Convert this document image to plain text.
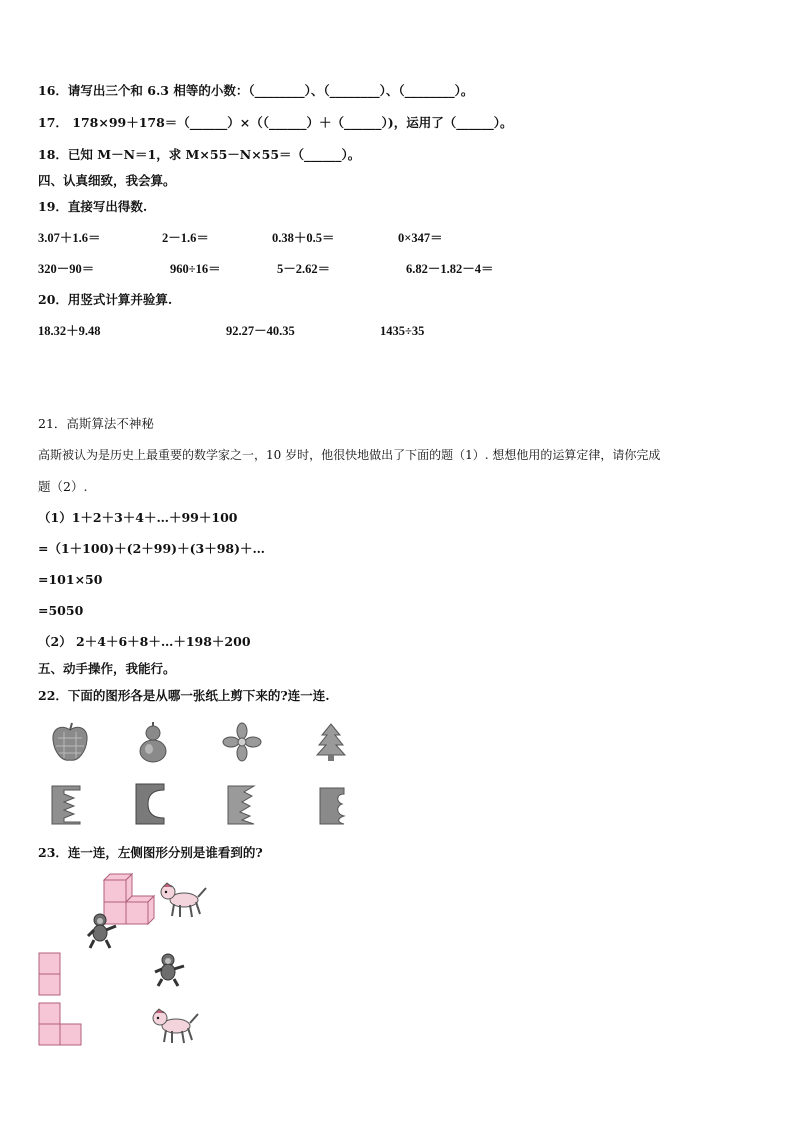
16．请写出三个和 6.3 相等的小数：（________）、（________）、（________）。
17． 178×99＋178＝（______）×（（______）＋（______）)，运用了（______）。
18．已知 M－N＝1，求 M×55－N×55＝（______）。
四、认真细致，我会算。
19．直接写出得数.
3.07＋1.6＝	2－1.6＝	0.38＋0.5＝	0×347＝
320－90＝	960÷16＝	5－2.62＝	6.82－1.82－4＝
20．用竖式计算并验算.
18.32＋9.48	92.27－40.35	1435÷35
21．高斯算法不神秘
高斯被认为是历史上最重要的数学家之一，10 岁时，他很快地做出了下面的题（1）. 想想他用的运算定律，请你完成
题（2）.
（1）1＋2＋3＋4＋…＋99＋100
=（1＋100)＋(2＋99)＋(3＋98)＋…
=101×50
=5050
（2） 2＋4＋6＋8＋…＋198＋200
五、动手操作，我能行。
22．下面的图形各是从哪一张纸上剪下来的?连一连.
23．连一连，左侧图形分别是谁看到的?
